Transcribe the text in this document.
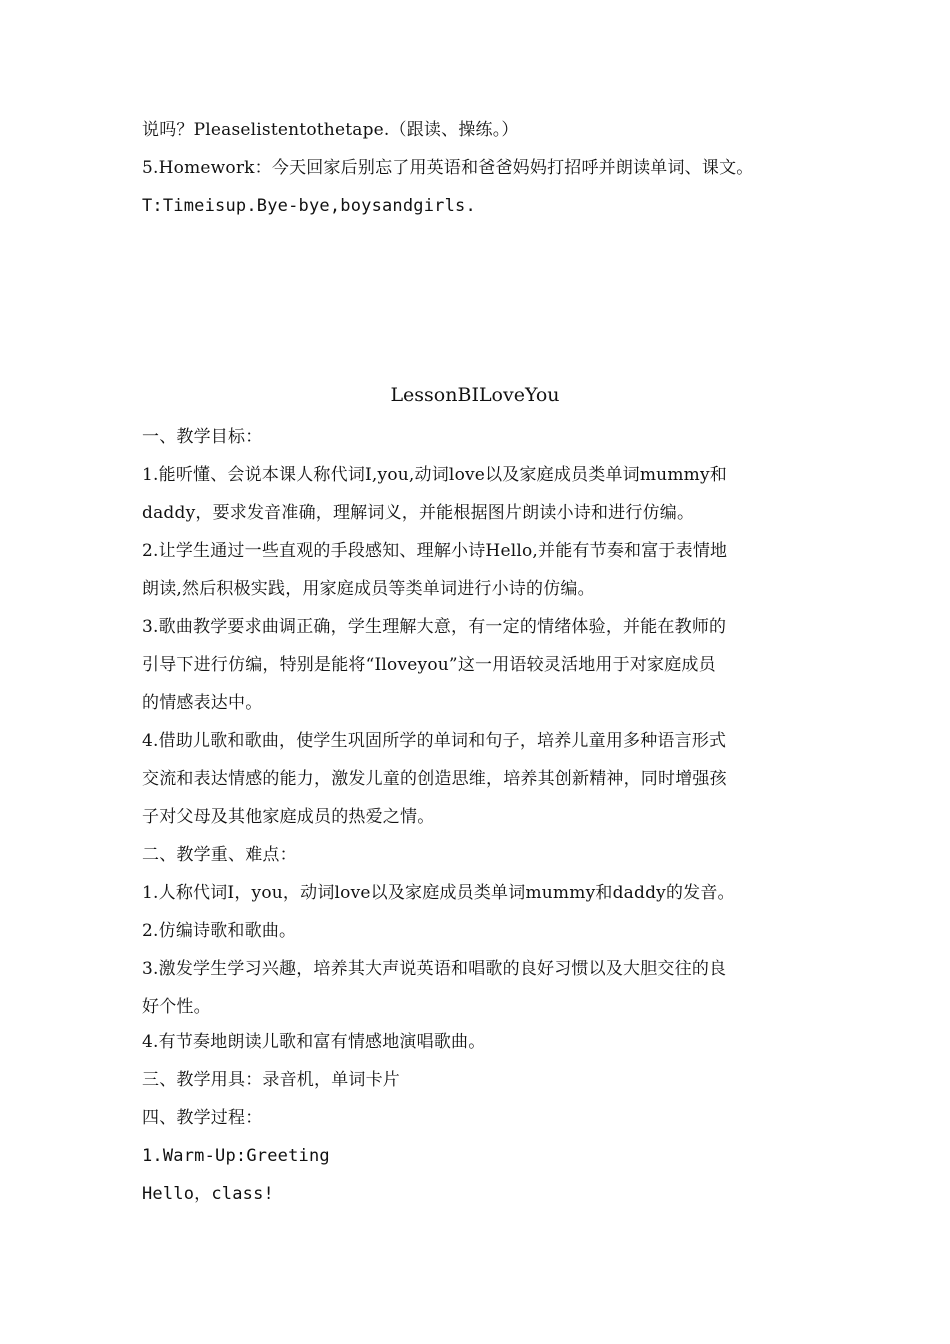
说吗？Pleaselistentothetape.（跟读、操练。）
5.Homework：今天回家后别忘了用英语和爸爸妈妈打招呼并朗读单词、课文。
T:Timeisup.Bye-bye,boysandgirls.
LessonBILoveYou
一、教学目标：
1.能听懂、会说本课人称代词I,you,动词love以及家庭成员类单词mummy和
daddy，要求发音准确，理解词义，并能根据图片朗读小诗和进行仿编。
2.让学生通过一些直观的手段感知、理解小诗Hello,并能有节奏和富于表情地
朗读,然后积极实践，用家庭成员等类单词进行小诗的仿编。
3.歌曲教学要求曲调正确，学生理解大意，有一定的情绪体验，并能在教师的
引导下进行仿编，特别是能将“Iloveyou”这一用语较灵活地用于对家庭成员
的情感表达中。
4.借助儿歌和歌曲，使学生巩固所学的单词和句子，培养儿童用多种语言形式
交流和表达情感的能力，激发儿童的创造思维，培养其创新精神，同时增强孩
子对父母及其他家庭成员的热爱之情。
二、教学重、难点：
1.人称代词I，you，动词love以及家庭成员类单词mummy和daddy的发音。
2.仿编诗歌和歌曲。
3.激发学生学习兴趣，培养其大声说英语和唱歌的良好习惯以及大胆交往的良
好个性。
4.有节奏地朗读儿歌和富有情感地演唱歌曲。
三、教学用具：录音机，单词卡片
四、教学过程：
1.Warm-Up:Greeting
Hello，class!
